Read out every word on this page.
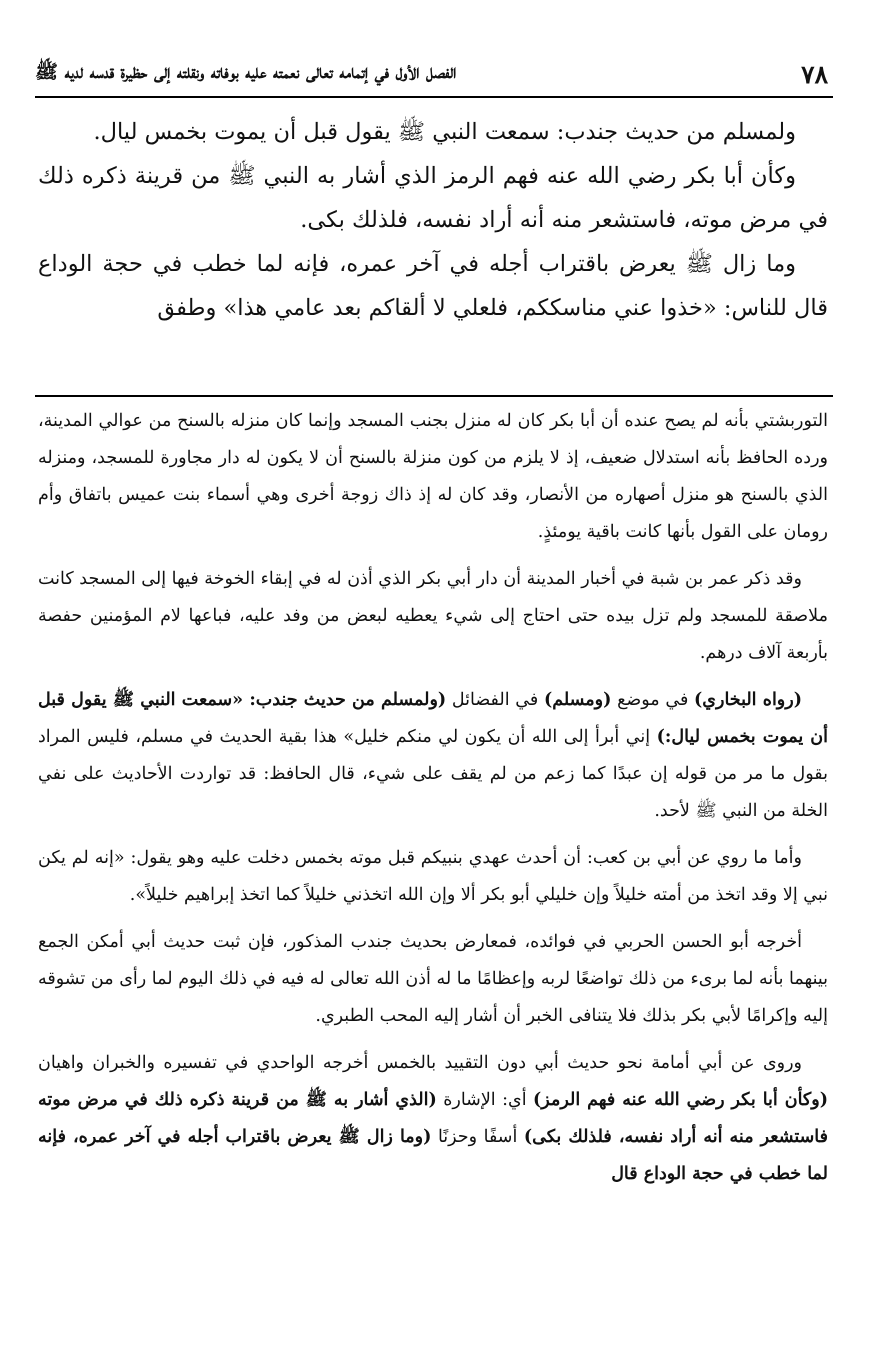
٧٨
الفصل الأول في إتمامه تعالى نعمته عليه بوفاته ونقلته إلى حظيرة قدسه لديه ﷺ

ولمسلم من حديث جندب: سمعت النبي ﷺ يقول قبل أن يموت بخمس ليال.

وكأن أبا بكر رضي الله عنه فهم الرمز الذي أشار به النبي ﷺ من قرينة ذكره ذلك في مرض موته، فاستشعر منه أنه أراد نفسه، فلذلك بكى.

وما زال ﷺ يعرض باقتراب أجله في آخر عمره، فإنه لما خطب في حجة الوداع قال للناس: «خذوا عني مناسككم، فلعلي لا ألقاكم بعد عامي هذا» وطفق

التوربشتي بأنه لم يصح عنده أن أبا بكر كان له منزل بجنب المسجد وإنما كان منزله بالسنح من عوالي المدينة، ورده الحافظ بأنه استدلال ضعيف، إذ لا يلزم من كون منزلة بالسنح أن لا يكون له دار مجاورة للمسجد، ومنزله الذي بالسنح هو منزل أصهاره من الأنصار، وقد كان له إذ ذاك زوجة أخرى وهي أسماء بنت عميس باتفاق وأم رومان على القول بأنها كانت باقية يومئذٍ.

وقد ذكر عمر بن شبة في أخبار المدينة أن دار أبي بكر الذي أذن له في إبقاء الخوخة فيها إلى المسجد كانت ملاصقة للمسجد ولم تزل بيده حتى احتاج إلى شيء يعطيه لبعض من وفد عليه، فباعها لام المؤمنين حفصة بأربعة آلاف درهم.

(رواه البخاري) في موضع (ومسلم) في الفضائل (ولمسلم من حديث جندب: «سمعت النبي ﷺ يقول قبل أن يموت بخمس ليال:) إني أبرأ إلى الله أن يكون لي منكم خليل» هذا بقية الحديث في مسلم، فليس المراد بقول ما مر من قوله إن عبدًا كما زعم من لم يقف على شيء، قال الحافظ: قد تواردت الأحاديث على نفي الخلة من النبي ﷺ لأحد.

وأما ما روي عن أبي بن كعب: أن أحدث عهدي بنبيكم قبل موته بخمس دخلت عليه وهو يقول: «إنه لم يكن نبي إلا وقد اتخذ من أمته خليلاً وإن خليلي أبو بكر ألا وإن الله اتخذني خليلاً كما اتخذ إبراهيم خليلاً».

أخرجه أبو الحسن الحربي في فوائده، فمعارض بحديث جندب المذكور، فإن ثبت حديث أبي أمكن الجمع بينهما بأنه لما برىء من ذلك تواضعًا لربه وإعظامًا ما له أذن الله تعالى له فيه في ذلك اليوم لما رأى من تشوقه إليه وإكرامًا لأبي بكر بذلك فلا يتنافى الخبر أن أشار إليه المحب الطبري.

وروى عن أبي أمامة نحو حديث أبي دون التقييد بالخمس أخرجه الواحدي في تفسيره والخبران واهيان (وكأن أبا بكر رضي الله عنه فهم الرمز) أي: الإشارة (الذي أشار به ﷺ من قرينة ذكره ذلك في مرض موته فاستشعر منه أنه أراد نفسه، فلذلك بكى) أسفًا وحزنًا (وما زال ﷺ يعرض باقتراب أجله في آخر عمره، فإنه لما خطب في حجة الوداع قال
